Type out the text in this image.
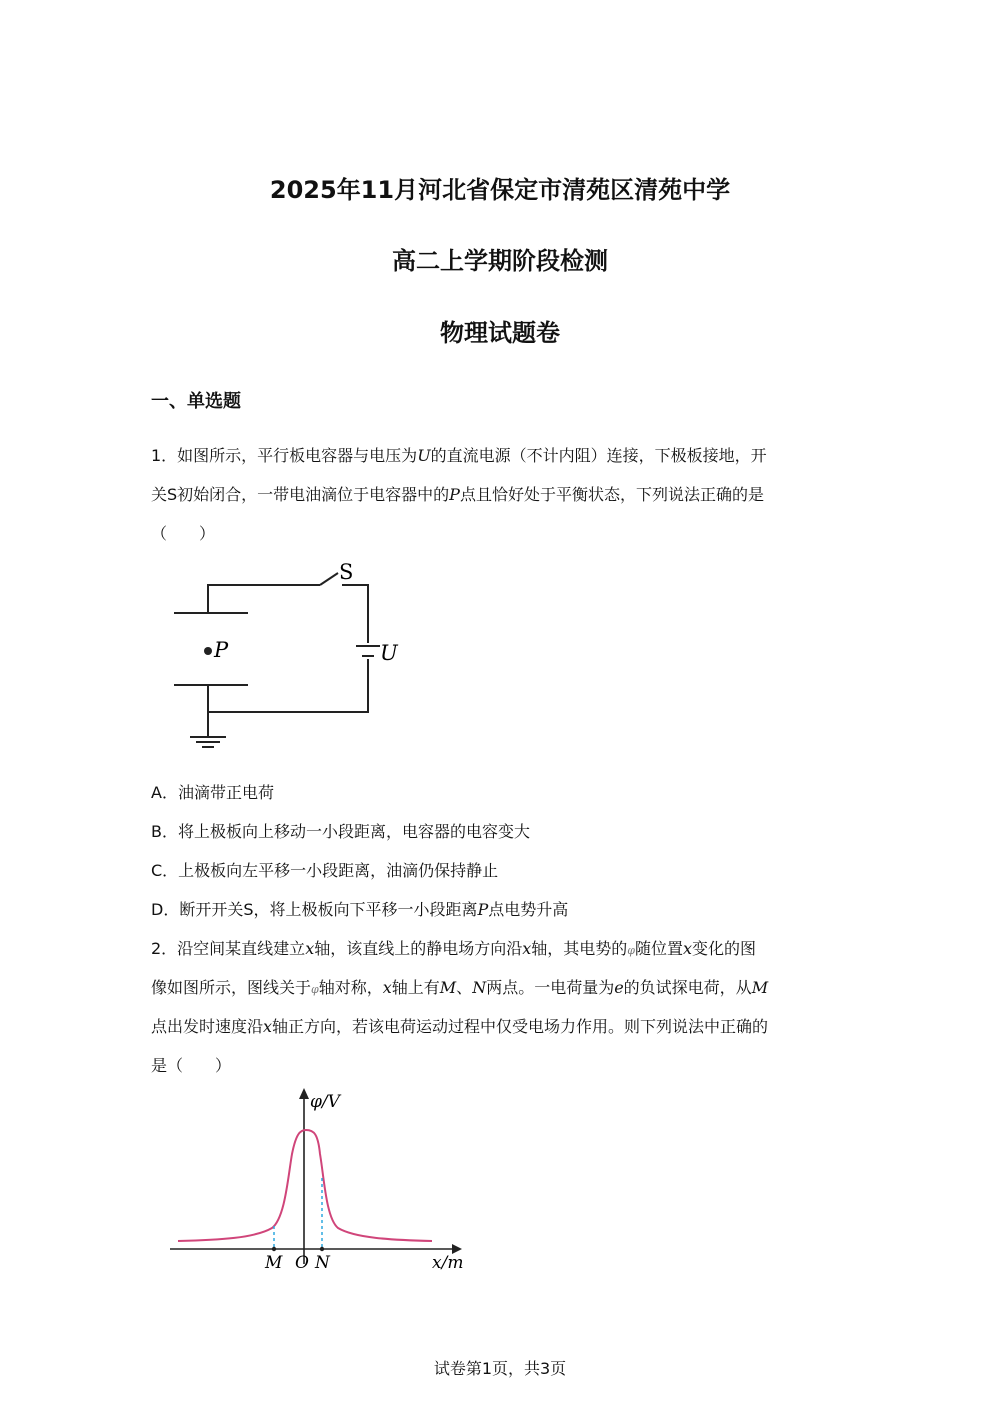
2025年11月河北省保定市清苑区清苑中学
高二上学期阶段检测
物理试题卷
一、单选题
1．如图所示，平行板电容器与电压为U的直流电源（不计内阻）连接，下极板接地，开
关S初始闭合，一带电油滴位于电容器中的P点且恰好处于平衡状态，下列说法正确的是
（　　）
S
P	U
A．油滴带正电荷
B．将上极板向上移动一小段距离，电容器的电容变大
C．上极板向左平移一小段距离，油滴仍保持静止
D．断开开关S，将上极板向下平移一小段距离P点电势升高
2．沿空间某直线建立x轴，该直线上的静电场方向沿x轴，其电势的φ随位置x变化的图
像如图所示，图线关于φ轴对称，x轴上有M、N两点。一电荷量为e的负试探电荷，从M
点出发时速度沿x轴正方向，若该电荷运动过程中仅受电场力作用。则下列说法中正确的
是（　　）
φ/V
x/m
M O N
试卷第1页，共3页
